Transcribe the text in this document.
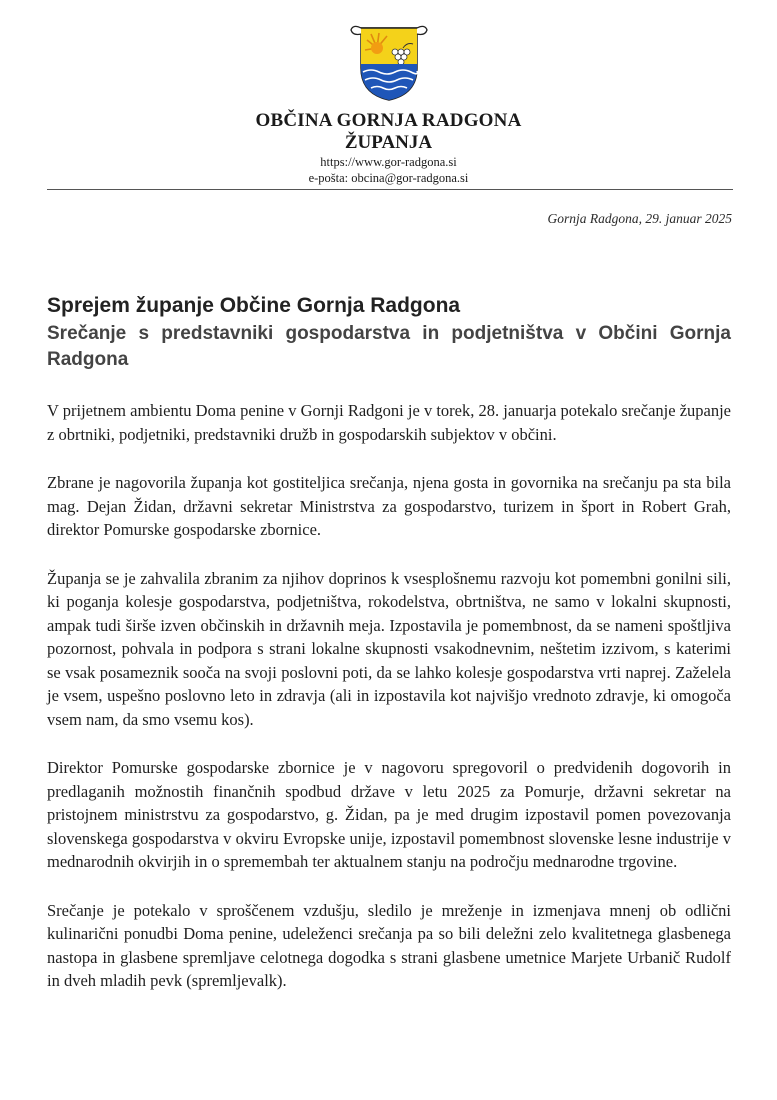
OBČINA GORNJA RADGONA

ŽUPANJA

https://www.gor-radgona.si

e-pošta: obcina@gor-radgona.si

Gornja Radgona, 29. januar 2025
Sprejem županje Občine Gornja Radgona
Srečanje s predstavniki gospodarstva in podjetništva v Občini Gornja Radgona

V prijetnem ambientu Doma penine v Gornji Radgoni je v torek, 28. januarja potekalo srečanje županje z obrtniki, podjetniki, predstavniki družb in gospodarskih subjektov v občini.

Zbrane je nagovorila županja kot gostiteljica srečanja, njena gosta in govornika na srečanju pa sta bila mag. Dejan Židan, državni sekretar Ministrstva za gospodarstvo, turizem in šport in Robert Grah, direktor Pomurske gospodarske zbornice.

Županja se je zahvalila zbranim za njihov doprinos k vsesplošnemu razvoju kot pomembni gonilni sili, ki poganja kolesje gospodarstva, podjetništva, rokodelstva, obrtništva, ne samo v lokalni skupnosti, ampak tudi širše izven občinskih in državnih meja. Izpostavila je pomembnost, da se nameni spoštljiva pozornost, pohvala in podpora s strani lokalne skupnosti vsakodnevnim, neštetim izzivom, s katerimi se vsak posameznik sooča na svoji poslovni poti, da se lahko kolesje gospodarstva vrti naprej. Zaželela je vsem, uspešno poslovno leto in zdravja (ali in izpostavila kot najvišjo vrednoto zdravje, ki omogoča vsem nam, da smo vsemu kos).

Direktor Pomurske gospodarske zbornice je v nagovoru spregovoril o predvidenih dogovorih in predlaganih možnostih finančnih spodbud države v letu 2025 za Pomurje, državni sekretar na pristojnem ministrstvu za gospodarstvo, g. Židan, pa je med drugim izpostavil pomen povezovanja slovenskega gospodarstva v okviru Evropske unije, izpostavil pomembnost slovenske lesne industrije v mednarodnih okvirjih in o spremembah ter aktualnem stanju na področju mednarodne trgovine.

Srečanje je potekalo v sproščenem vzdušju, sledilo je mreženje in izmenjava mnenj ob odlični kulinarični ponudbi Doma penine, udeleženci srečanja pa so bili deležni zelo kvalitetnega glasbenega nastopa in glasbene spremljave celotnega dogodka s strani glasbene umetnice Marjete Urbanič Rudolf in dveh mladih pevk (spremljevalk).
